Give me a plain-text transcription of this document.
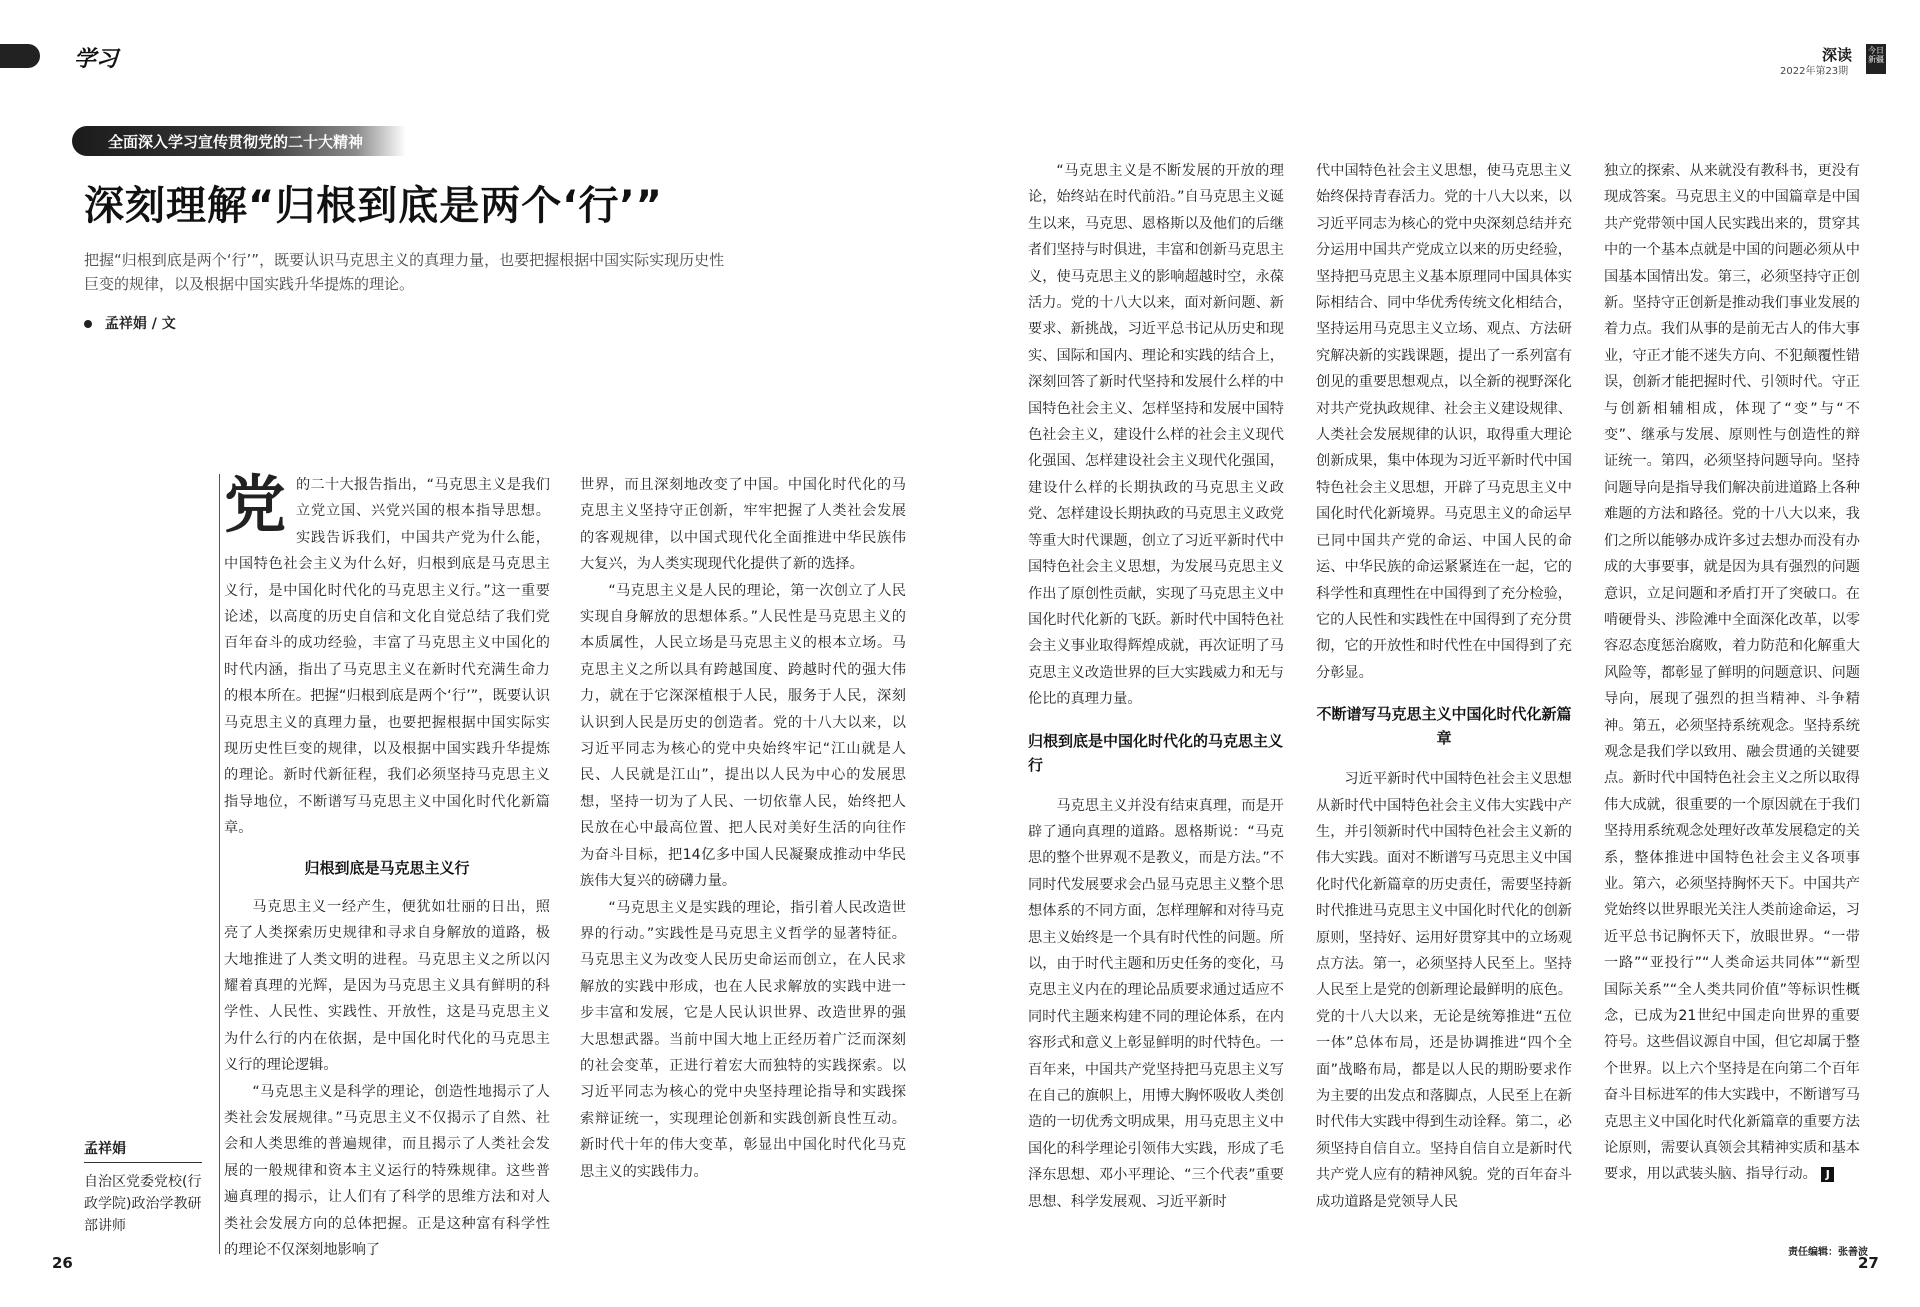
学习
全面深入学习宣传贯彻党的二十大精神
深刻理解“归根到底是两个‘行’”
把握“归根到底是两个‘行’”，既要认识马克思主义的真理力量，也要把握根据中国实际实现历史性巨变的规律，以及根据中国实践升华提炼的理论。
孟祥娟 / 文

党的二十大报告指出，“马克思主义是我们立党立国、兴党兴国的根本指导思想。实践告诉我们，中国共产党为什么能，中国特色社会主义为什么好，归根到底是马克思主义行，是中国化时代化的马克思主义行。”这一重要论述，以高度的历史自信和文化自觉总结了我们党百年奋斗的成功经验，丰富了马克思主义中国化的时代内涵，指出了马克思主义在新时代充满生命力的根本所在。把握“归根到底是两个‘行’”，既要认识马克思主义的真理力量，也要把握根据中国实际实现历史性巨变的规律，以及根据中国实践升华提炼的理论。新时代新征程，我们必须坚持马克思主义指导地位，不断谱写马克思主义中国化时代化新篇章。

归根到底是马克思主义行

马克思主义一经产生，便犹如壮丽的日出，照亮了人类探索历史规律和寻求自身解放的道路，极大地推进了人类文明的进程。马克思主义之所以闪耀着真理的光辉，是因为马克思主义具有鲜明的科学性、人民性、实践性、开放性，这是马克思主义为什么行的内在依据，是中国化时代化的马克思主义行的理论逻辑。

“马克思主义是科学的理论，创造性地揭示了人类社会发展规律。”马克思主义不仅揭示了自然、社会和人类思维的普遍规律，而且揭示了人类社会发展的一般规律和资本主义运行的特殊规律。这些普遍真理的揭示，让人们有了科学的思维方法和对人类社会发展方向的总体把握。正是这种富有科学性的理论不仅深刻地影响了

世界，而且深刻地改变了中国。中国化时代化的马克思主义坚持守正创新，牢牢把握了人类社会发展的客观规律，以中国式现代化全面推进中华民族伟大复兴，为人类实现现代化提供了新的选择。

“马克思主义是人民的理论，第一次创立了人民实现自身解放的思想体系。”人民性是马克思主义的本质属性，人民立场是马克思主义的根本立场。马克思主义之所以具有跨越国度、跨越时代的强大伟力，就在于它深深植根于人民，服务于人民，深刻认识到人民是历史的创造者。党的十八大以来，以习近平同志为核心的党中央始终牢记“江山就是人民、人民就是江山”，提出以人民为中心的发展思想，坚持一切为了人民、一切依靠人民，始终把人民放在心中最高位置、把人民对美好生活的向往作为奋斗目标，把14亿多中国人民凝聚成推动中华民族伟大复兴的磅礴力量。

“马克思主义是实践的理论，指引着人民改造世界的行动。”实践性是马克思主义哲学的显著特征。马克思主义为改变人民历史命运而创立，在人民求解放的实践中形成，也在人民求解放的实践中进一步丰富和发展，它是人民认识世界、改造世界的强大思想武器。当前中国大地上正经历着广泛而深刻的社会变革，正进行着宏大而独特的实践探索。以习近平同志为核心的党中央坚持理论指导和实践探索辩证统一，实现理论创新和实践创新良性互动。新时代十年的伟大变革，彰显出中国化时代化马克思主义的实践伟力。

孟祥娟
自治区党委党校(行政学院)政治学教研部讲师
26
深读
2022年第23期
今日新疆

“马克思主义是不断发展的开放的理论，始终站在时代前沿。”自马克思主义诞生以来，马克思、恩格斯以及他们的后继者们坚持与时俱进，丰富和创新马克思主义，使马克思主义的影响超越时空，永葆活力。党的十八大以来，面对新问题、新要求、新挑战，习近平总书记从历史和现实、国际和国内、理论和实践的结合上，深刻回答了新时代坚持和发展什么样的中国特色社会主义、怎样坚持和发展中国特色社会主义，建设什么样的社会主义现代化强国、怎样建设社会主义现代化强国，建设什么样的长期执政的马克思主义政党、怎样建设长期执政的马克思主义政党等重大时代课题，创立了习近平新时代中国特色社会主义思想，为发展马克思主义作出了原创性贡献，实现了马克思主义中国化时代化新的飞跃。新时代中国特色社会主义事业取得辉煌成就，再次证明了马克思主义改造世界的巨大实践威力和无与伦比的真理力量。

归根到底是中国化时代化的马克思主义行

马克思主义并没有结束真理，而是开辟了通向真理的道路。恩格斯说：“马克思的整个世界观不是教义，而是方法。”不同时代发展要求会凸显马克思主义整个思想体系的不同方面，怎样理解和对待马克思主义始终是一个具有时代性的问题。所以，由于时代主题和历史任务的变化，马克思主义内在的理论品质要求通过适应不同时代主题来构建不同的理论体系，在内容形式和意义上彰显鲜明的时代特色。一百年来，中国共产党坚持把马克思主义写在自己的旗帜上，用博大胸怀吸收人类创造的一切优秀文明成果，用马克思主义中国化的科学理论引领伟大实践，形成了毛泽东思想、邓小平理论、“三个代表”重要思想、科学发展观、习近平新时

代中国特色社会主义思想，使马克思主义始终保持青春活力。党的十八大以来，以习近平同志为核心的党中央深刻总结并充分运用中国共产党成立以来的历史经验，坚持把马克思主义基本原理同中国具体实际相结合、同中华优秀传统文化相结合，坚持运用马克思主义立场、观点、方法研究解决新的实践课题，提出了一系列富有创见的重要思想观点，以全新的视野深化对共产党执政规律、社会主义建设规律、人类社会发展规律的认识，取得重大理论创新成果，集中体现为习近平新时代中国特色社会主义思想，开辟了马克思主义中国化时代化新境界。马克思主义的命运早已同中国共产党的命运、中国人民的命运、中华民族的命运紧紧连在一起，它的科学性和真理性在中国得到了充分检验，它的人民性和实践性在中国得到了充分贯彻，它的开放性和时代性在中国得到了充分彰显。

不断谱写马克思主义中国化时代化新篇章

习近平新时代中国特色社会主义思想从新时代中国特色社会主义伟大实践中产生，并引领新时代中国特色社会主义新的伟大实践。面对不断谱写马克思主义中国化时代化新篇章的历史责任，需要坚持新时代推进马克思主义中国化时代化的创新原则，坚持好、运用好贯穿其中的立场观点方法。第一，必须坚持人民至上。坚持人民至上是党的创新理论最鲜明的底色。党的十八大以来，无论是统筹推进“五位一体”总体布局，还是协调推进“四个全面”战略布局，都是以人民的期盼要求作为主要的出发点和落脚点，人民至上在新时代伟大实践中得到生动诠释。第二，必须坚持自信自立。坚持自信自立是新时代共产党人应有的精神风貌。党的百年奋斗成功道路是党领导人民

独立的探索、从来就没有教科书，更没有现成答案。马克思主义的中国篇章是中国共产党带领中国人民实践出来的，贯穿其中的一个基本点就是中国的问题必须从中国基本国情出发。第三，必须坚持守正创新。坚持守正创新是推动我们事业发展的着力点。我们从事的是前无古人的伟大事业，守正才能不迷失方向、不犯颠覆性错误，创新才能把握时代、引领时代。守正与创新相辅相成，体现了“变”与“不变”、继承与发展、原则性与创造性的辩证统一。第四，必须坚持问题导向。坚持问题导向是指导我们解决前进道路上各种难题的方法和路径。党的十八大以来，我们之所以能够办成许多过去想办而没有办成的大事要事，就是因为具有强烈的问题意识，立足问题和矛盾打开了突破口。在啃硬骨头、涉险滩中全面深化改革，以零容忍态度惩治腐败，着力防范和化解重大风险等，都彰显了鲜明的问题意识、问题导向，展现了强烈的担当精神、斗争精神。第五，必须坚持系统观念。坚持系统观念是我们学以致用、融会贯通的关键要点。新时代中国特色社会主义之所以取得伟大成就，很重要的一个原因就在于我们坚持用系统观念处理好改革发展稳定的关系，整体推进中国特色社会主义各项事业。第六，必须坚持胸怀天下。中国共产党始终以世界眼光关注人类前途命运，习近平总书记胸怀天下，放眼世界。“一带一路”“亚投行”“人类命运共同体”“新型国际关系”“全人类共同价值”等标识性概念，已成为21世纪中国走向世界的重要符号。这些倡议源自中国，但它却属于整个世界。以上六个坚持是在向第二个百年奋斗目标进军的伟大实践中，不断谱写马克思主义中国化时代化新篇章的重要方法论原则，需要认真领会其精神实质和基本要求，用以武装头脑、指导行动。 J

责任编辑：张善波
27
